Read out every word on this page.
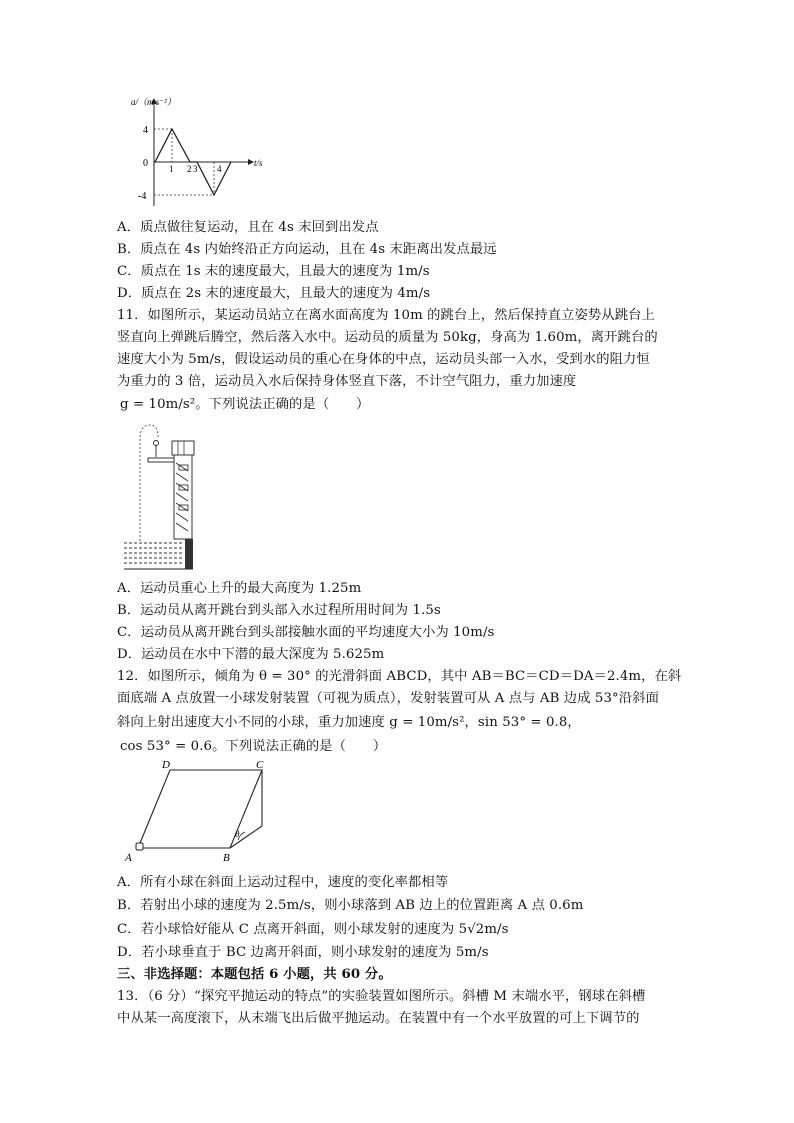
a/（m·s⁻²）
t/s
4
0
-4
1 2 3 4
A．质点做往复运动，且在 4s 末回到出发点
B．质点在 4s 内始终沿正方向运动，且在 4s 末距离出发点最远
C．质点在 1s 末的速度最大，且最大的速度为 1m/s
D．质点在 2s 末的速度最大，且最大的速度为 4m/s
11．如图所示，某运动员站立在离水面高度为 10m 的跳台上，然后保持直立姿势从跳台上
竖直向上弹跳后腾空，然后落入水中。运动员的质量为 50kg，身高为 1.60m，离开跳台的
速度大小为 5m/s，假设运动员的重心在身体的中点，运动员头部一入水，受到水的阻力恒
为重力的 3 倍，运动员入水后保持身体竖直下落，不计空气阻力，重力加速度
g = 10m/s²。下列说法正确的是（　　）
A．运动员重心上升的最大高度为 1.25m
B．运动员从离开跳台到头部入水过程所用时间为 1.5s
C．运动员从离开跳台到头部接触水面的平均速度大小为 10m/s
D．运动员在水中下潜的最大深度为 5.625m
12．如图所示，倾角为 θ = 30° 的光滑斜面 ABCD，其中 AB＝BC＝CD＝DA＝2.4m，在斜
面底端 A 点放置一小球发射装置（可视为质点），发射装置可从 A 点与 AB 边成 53°沿斜面
斜向上射出速度大小不同的小球，重力加速度 g = 10m/s²，sin 53° = 0.8，
cos 53° = 0.6。下列说法正确的是（　　）
D	C
A	B
θ
A．所有小球在斜面上运动过程中，速度的变化率都相等
B．若射出小球的速度为 2.5m/s，则小球落到 AB 边上的位置距离 A 点 0.6m
C．若小球恰好能从 C 点离开斜面，则小球发射的速度为 5√2m/s
D．若小球垂直于 BC 边离开斜面，则小球发射的速度为 5m/s
三、非选择题：本题包括 6 小题，共 60 分。
13．（6 分）“探究平抛运动的特点”的实验装置如图所示。斜槽 M 末端水平，钢球在斜槽
中从某一高度滚下，从末端飞出后做平抛运动。在装置中有一个水平放置的可上下调节的
